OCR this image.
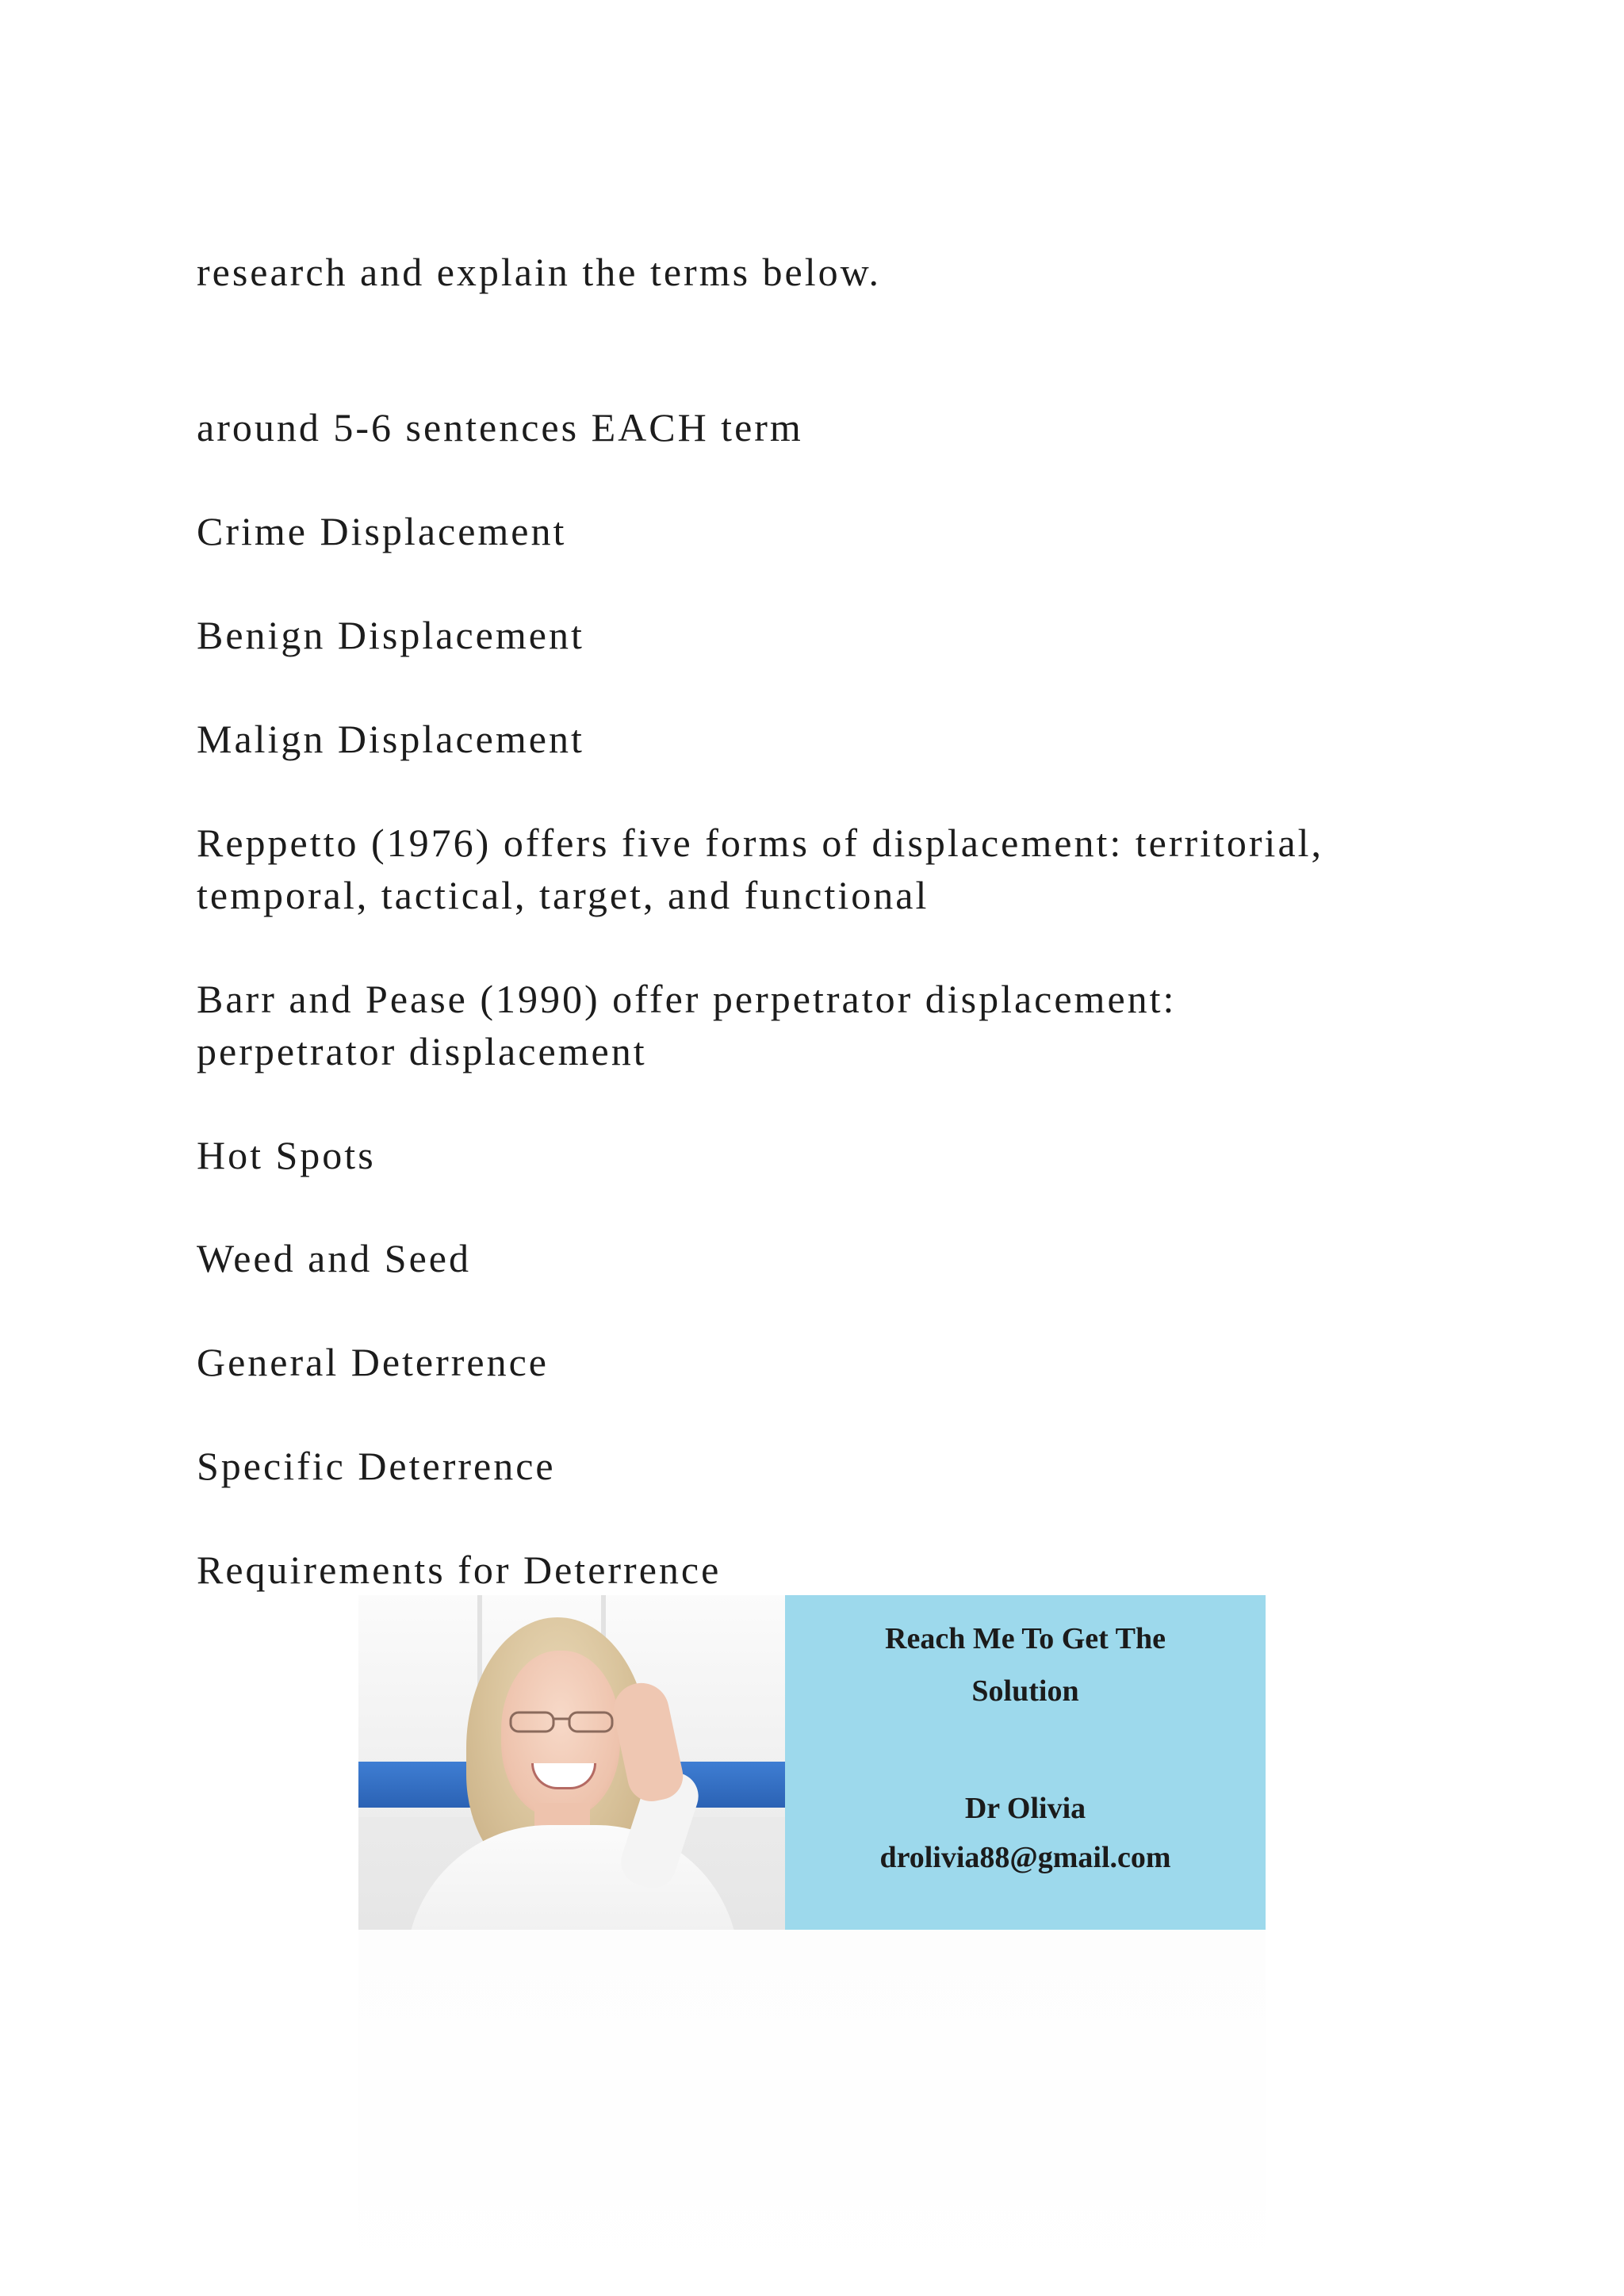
research and explain the terms below.
around 5-6 sentences EACH term
Crime Displacement
Benign Displacement
Malign Displacement
Reppetto (1976) offers five forms of displacement: territorial,
temporal, tactical, target, and functional
Barr and Pease (1990) offer perpetrator displacement:
perpetrator displacement
Hot Spots
Weed and Seed
General Deterrence
Specific Deterrence
Requirements for Deterrence
Reach Me To Get The
Solution
Dr Olivia
drolivia88@gmail.com
